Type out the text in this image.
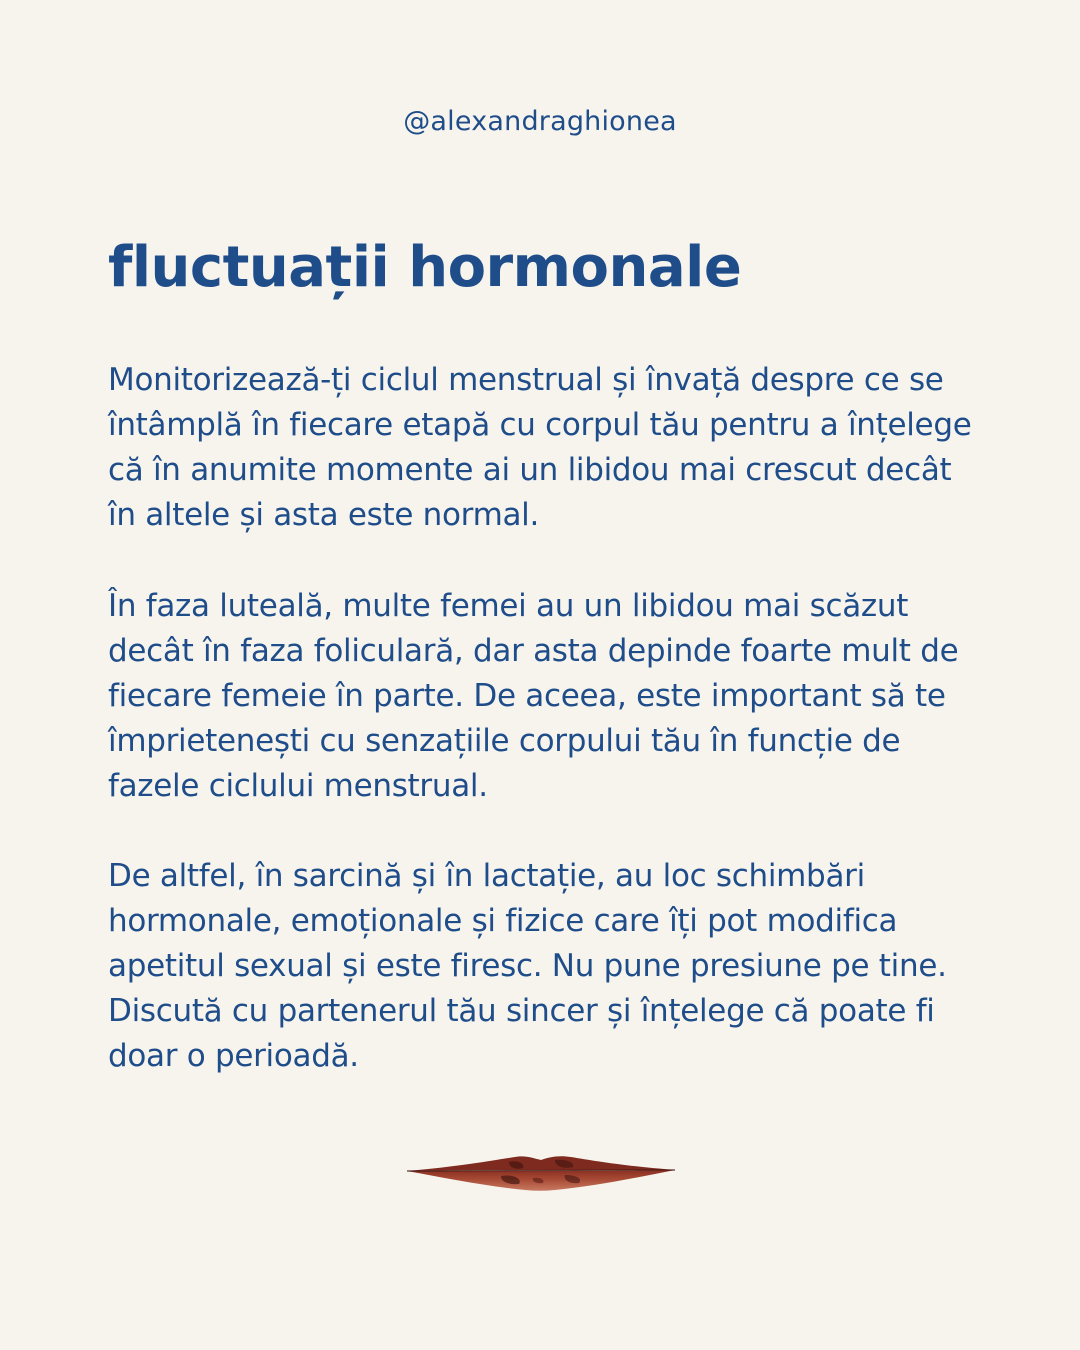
@alexandraghionea
fluctuații hormonale

Monitorizează-ți ciclul menstrual și învață despre ce se întâmplă în fiecare etapă cu corpul tău pentru a înțelege că în anumite momente ai un libidou mai crescut decât în altele și asta este normal.

În faza luteală, multe femei au un libidou mai scăzut decât în faza foliculară, dar asta depinde foarte mult de fiecare femeie în parte. De aceea, este important să te împrietenești cu senzațiile corpului tău în funcție de fazele ciclului menstrual.

De altfel, în sarcină și în lactație, au loc schimbări hormonale, emoționale și fizice care îți pot modifica apetitul sexual și este firesc. Nu pune presiune pe tine. Discută cu partenerul tău sincer și înțelege că poate fi doar o perioadă.
